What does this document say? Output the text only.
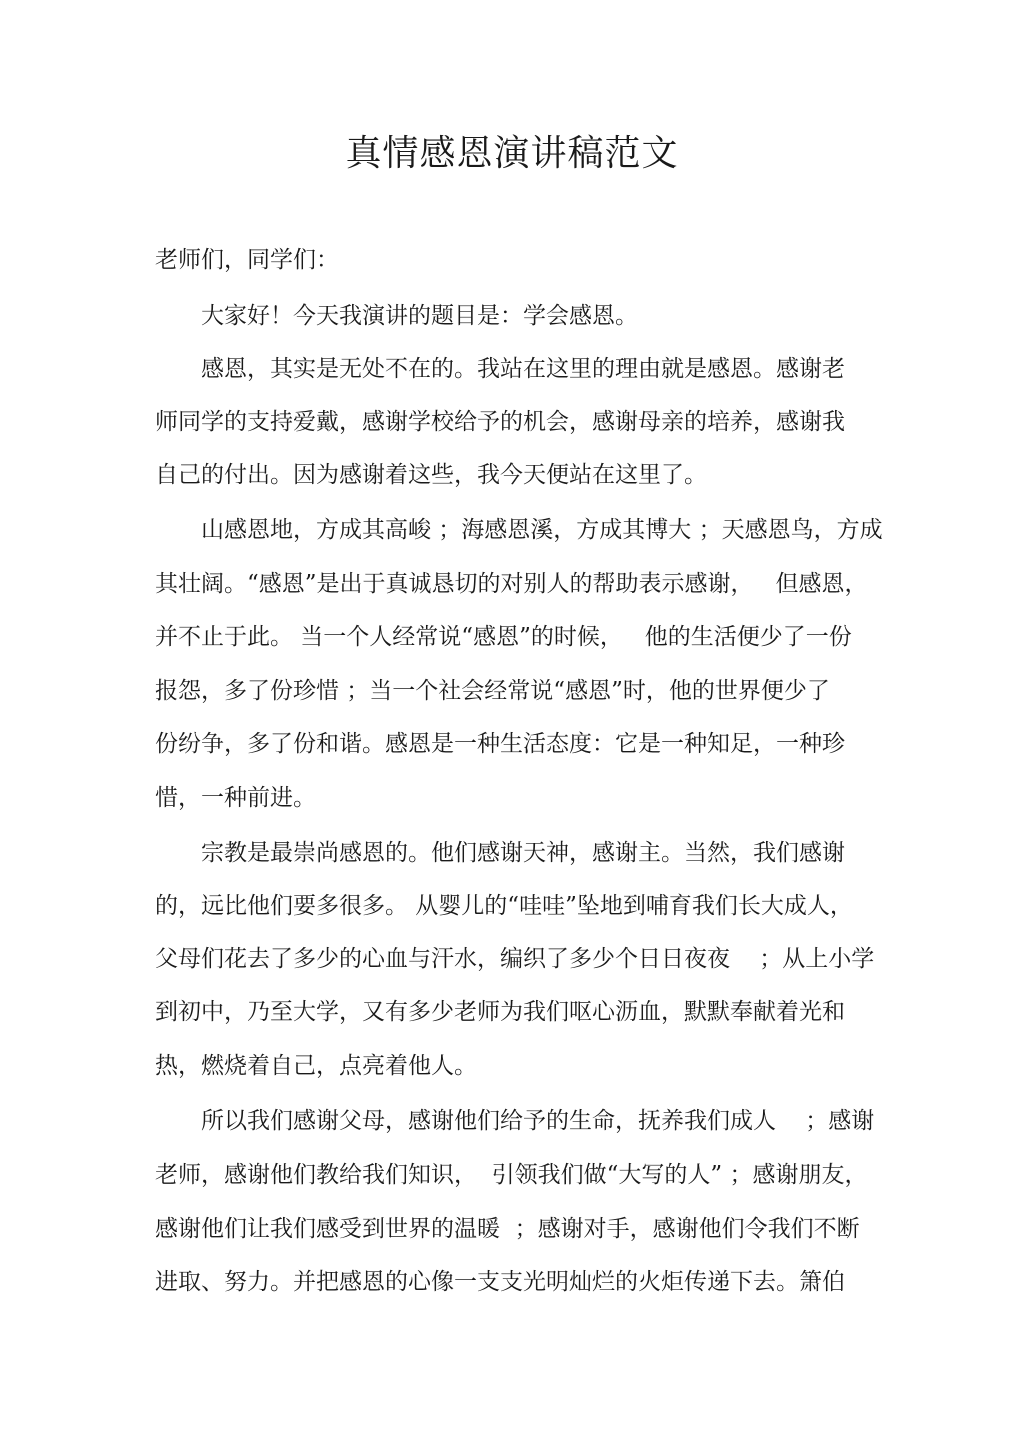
真情感恩演讲稿范文

老师们，同学们：

　　大家好！今天我演讲的题目是：学会感恩。

　　感恩，其实是无处不在的。我站在这里的理由就是感恩。感谢老

师同学的支持爱戴，感谢学校给予的机会，感谢母亲的培养，感谢我

自己的付出。因为感谢着这些，我今天便站在这里了。

　　山感恩地，方成其高峻 ；海感恩溪，方成其博大 ；天感恩鸟，方成

其壮阔。“感恩”是出于真诚恳切的对别人的帮助表示感谢，   但感恩，

并不止于此。 当一个人经常说“感恩”的时候，   他的生活便少了一份

报怨，多了份珍惜 ；当一个社会经常说“感恩”时，他的世界便少了

份纷争，多了份和谐。感恩是一种生活态度：它是一种知足，一种珍

惜，一种前进。

　　宗教是最崇尚感恩的。他们感谢天神，感谢主。当然，我们感谢

的，远比他们要多很多。 从婴儿的“哇哇”坠地到哺育我们长大成人，

父母们花去了多少的心血与汗水，编织了多少个日日夜夜    ；从上小学

到初中，乃至大学，又有多少老师为我们呕心沥血，默默奉献着光和

热，燃烧着自己，点亮着他人。

　　所以我们感谢父母，感谢他们给予的生命，抚养我们成人    ；感谢

老师，感谢他们教给我们知识，  引领我们做“大写的人” ；感谢朋友，

感谢他们让我们感受到世界的温暖  ；感谢对手，感谢他们令我们不断

进取、努力。并把感恩的心像一支支光明灿烂的火炬传递下去。箫伯
